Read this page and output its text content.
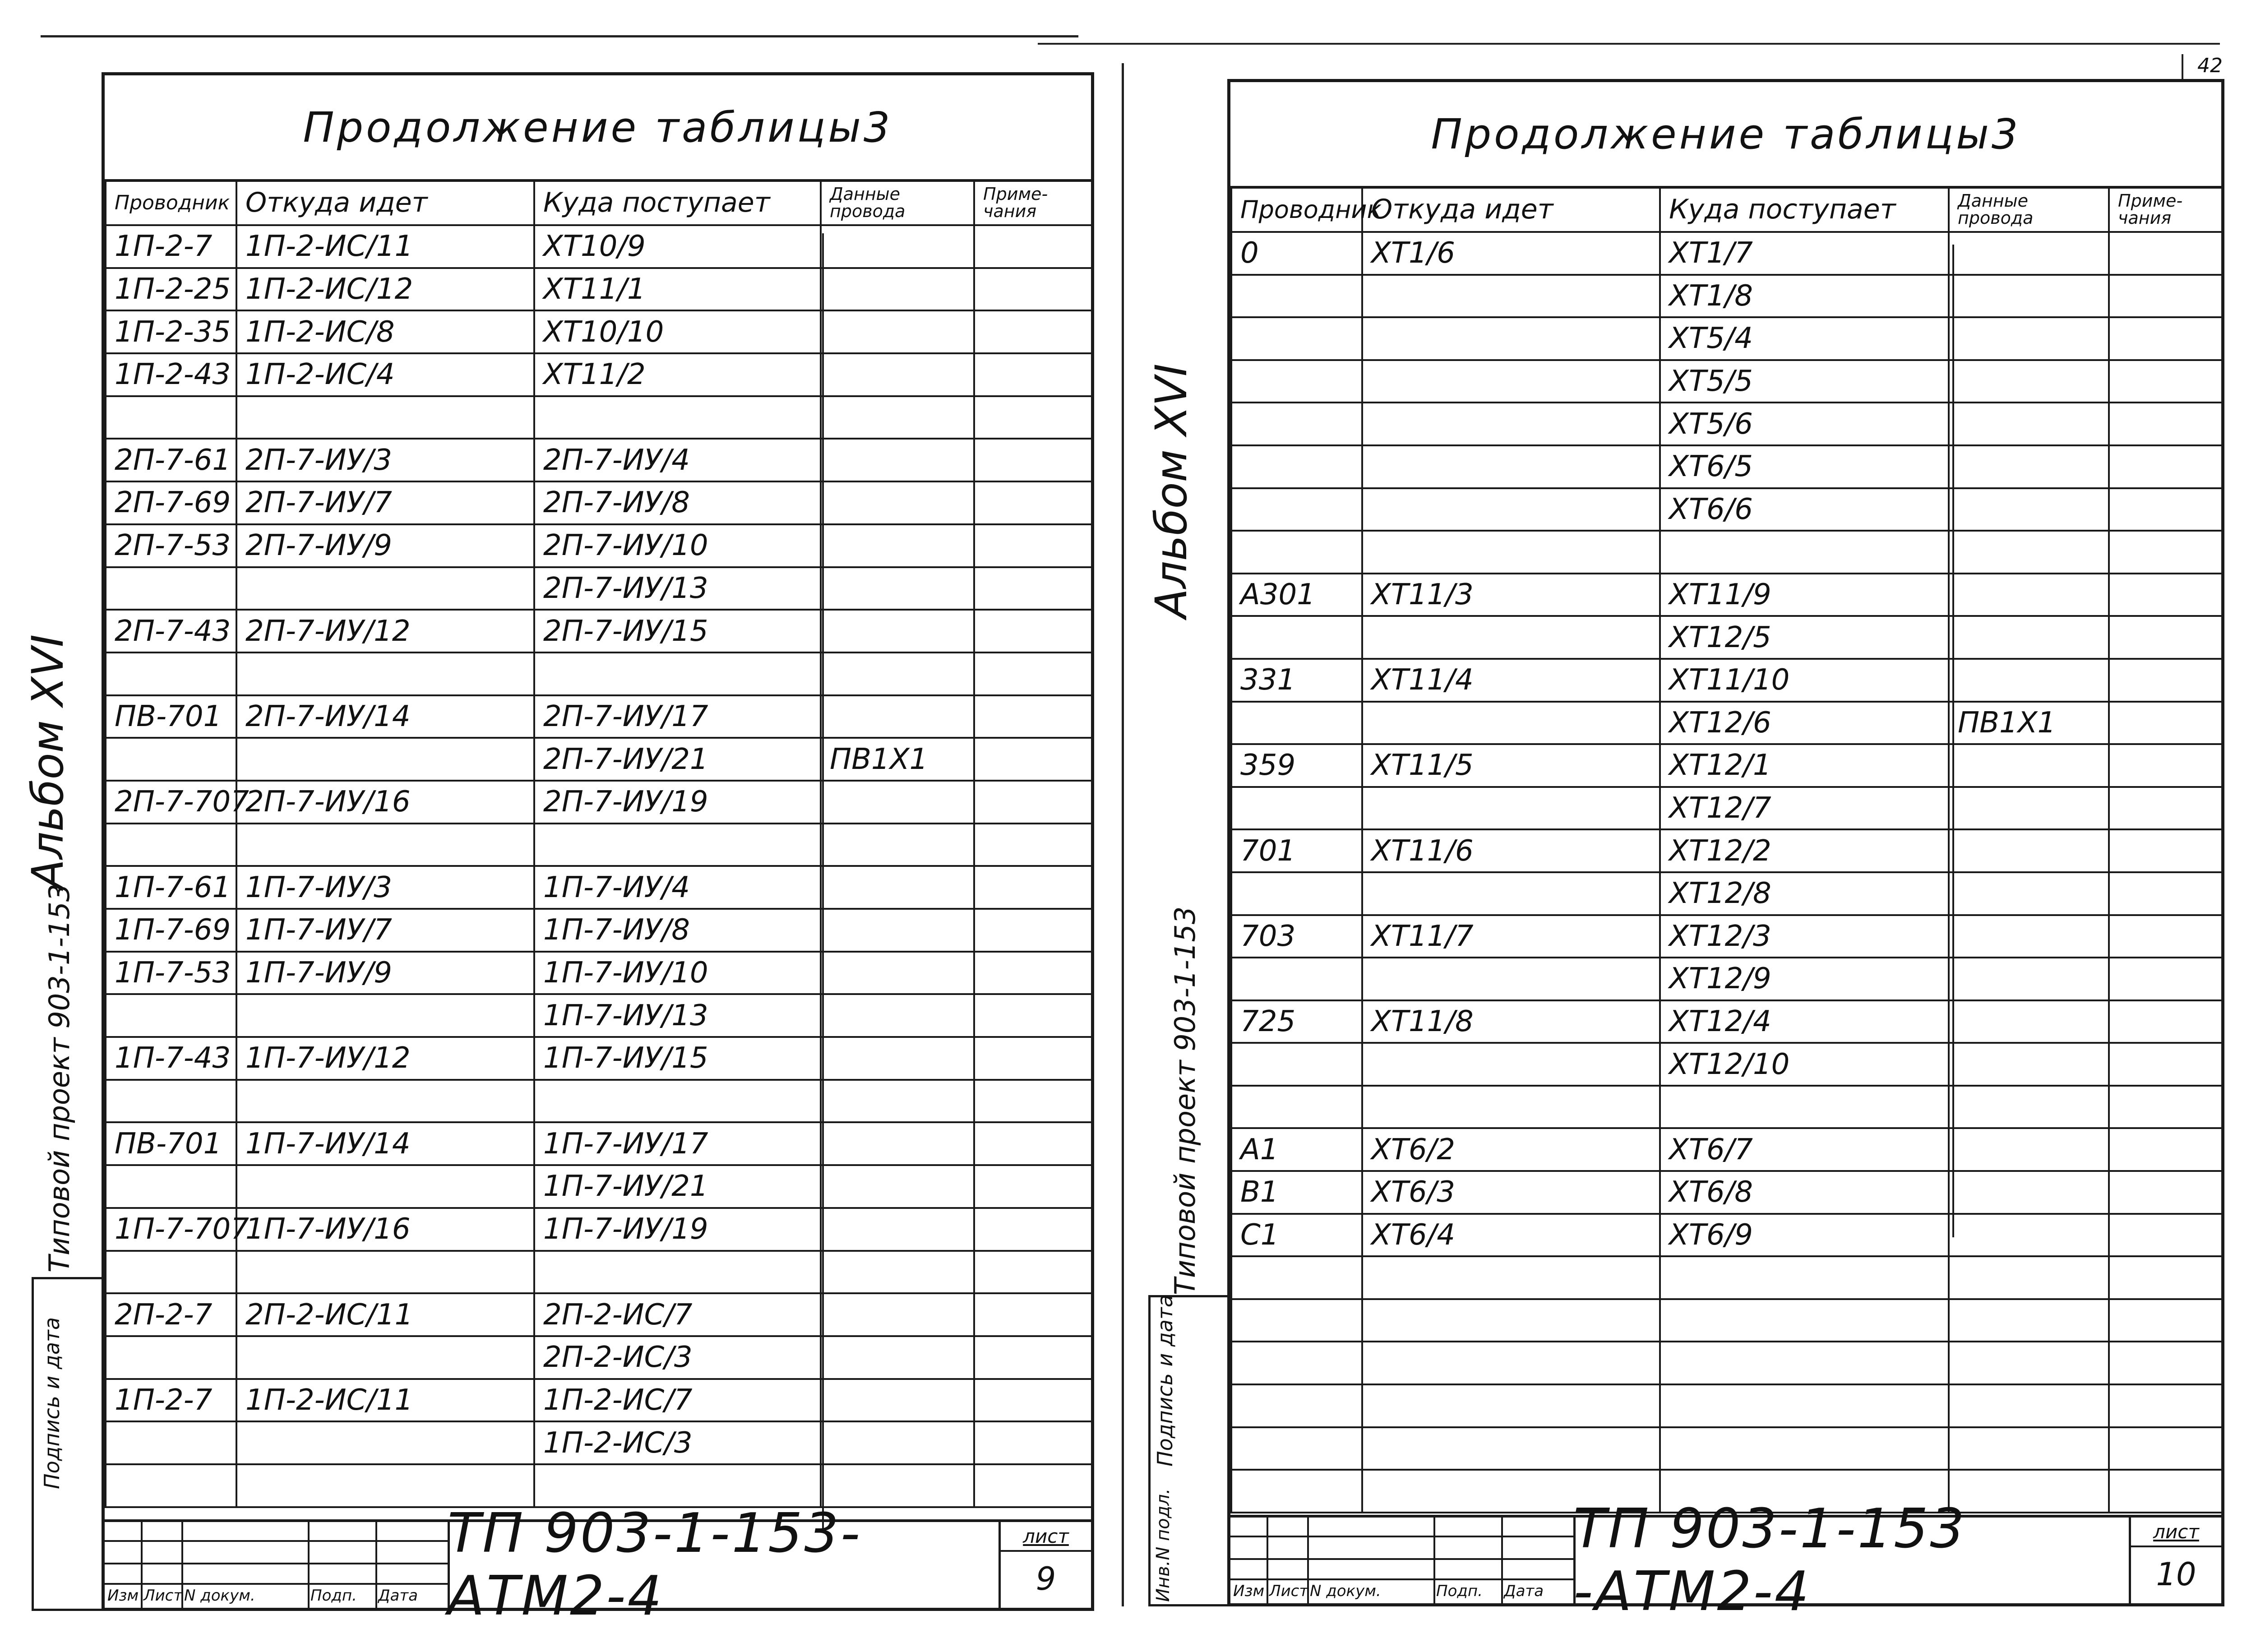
42
Альбом XVI
Типовой проект 903-1-153
Подпись и дата
Продолжение таблицы3
Проводник	Откуда идет	Куда поступает	Данные провода	Приме-чания
1П-2-7	1П-2-ИС/11	ХТ10/9		
1П-2-25	1П-2-ИС/12	ХТ11/1		
1П-2-35	1П-2-ИС/8	ХТ10/10		
1П-2-43	1П-2-ИС/4	ХТ11/2		

2П-7-61	2П-7-ИУ/3	2П-7-ИУ/4		
2П-7-69	2П-7-ИУ/7	2П-7-ИУ/8		
2П-7-53	2П-7-ИУ/9	2П-7-ИУ/10		
		2П-7-ИУ/13		
2П-7-43	2П-7-ИУ/12	2П-7-ИУ/15		

ПВ-701	2П-7-ИУ/14	2П-7-ИУ/17		
		2П-7-ИУ/21	ПВ1Х1	
2П-7-707	2П-7-ИУ/16	2П-7-ИУ/19		

1П-7-61	1П-7-ИУ/3	1П-7-ИУ/4		
1П-7-69	1П-7-ИУ/7	1П-7-ИУ/8		
1П-7-53	1П-7-ИУ/9	1П-7-ИУ/10		
		1П-7-ИУ/13		
1П-7-43	1П-7-ИУ/12	1П-7-ИУ/15		

ПВ-701	1П-7-ИУ/14	1П-7-ИУ/17		
		1П-7-ИУ/21		
1П-7-707	1П-7-ИУ/16	1П-7-ИУ/19		

2П-2-7	2П-2-ИС/11	2П-2-ИС/7		
		2П-2-ИС/3		
1П-2-7	1П-2-ИС/11	1П-2-ИС/7		
		1П-2-ИС/3		

Изм Лист N докум.	Подп.	Дата
ТП 903-1-153- АТМ2-4
лист
9
Альбом XVI
Типовой проект 903-1-153
Подпись и дата
Инв.N подл.
Продолжение таблицы3
Проводник	Откуда идет	Куда поступает	Данные провода	Приме-чания
0	ХТ1/6	ХТ1/7		
		ХТ1/8		
		ХТ5/4		
		ХТ5/5		
		ХТ5/6		
		ХТ6/5		
		ХТ6/6		

А301	ХТ11/3	ХТ11/9		
		ХТ12/5		
331	ХТ11/4	ХТ11/10		
		ХТ12/6	ПВ1Х1	
359	ХТ11/5	ХТ12/1		
		ХТ12/7		
701	ХТ11/6	ХТ12/2		
		ХТ12/8		
703	ХТ11/7	ХТ12/3		
		ХТ12/9		
725	ХТ11/8	ХТ12/4		
		ХТ12/10		

А1	ХТ6/2	ХТ6/7		
В1	ХТ6/3	ХТ6/8		
С1	ХТ6/4	ХТ6/9		

Изм Лист N докум.	Подп.	Дата
ТП 903-1-153 -АТМ2-4
лист
10
